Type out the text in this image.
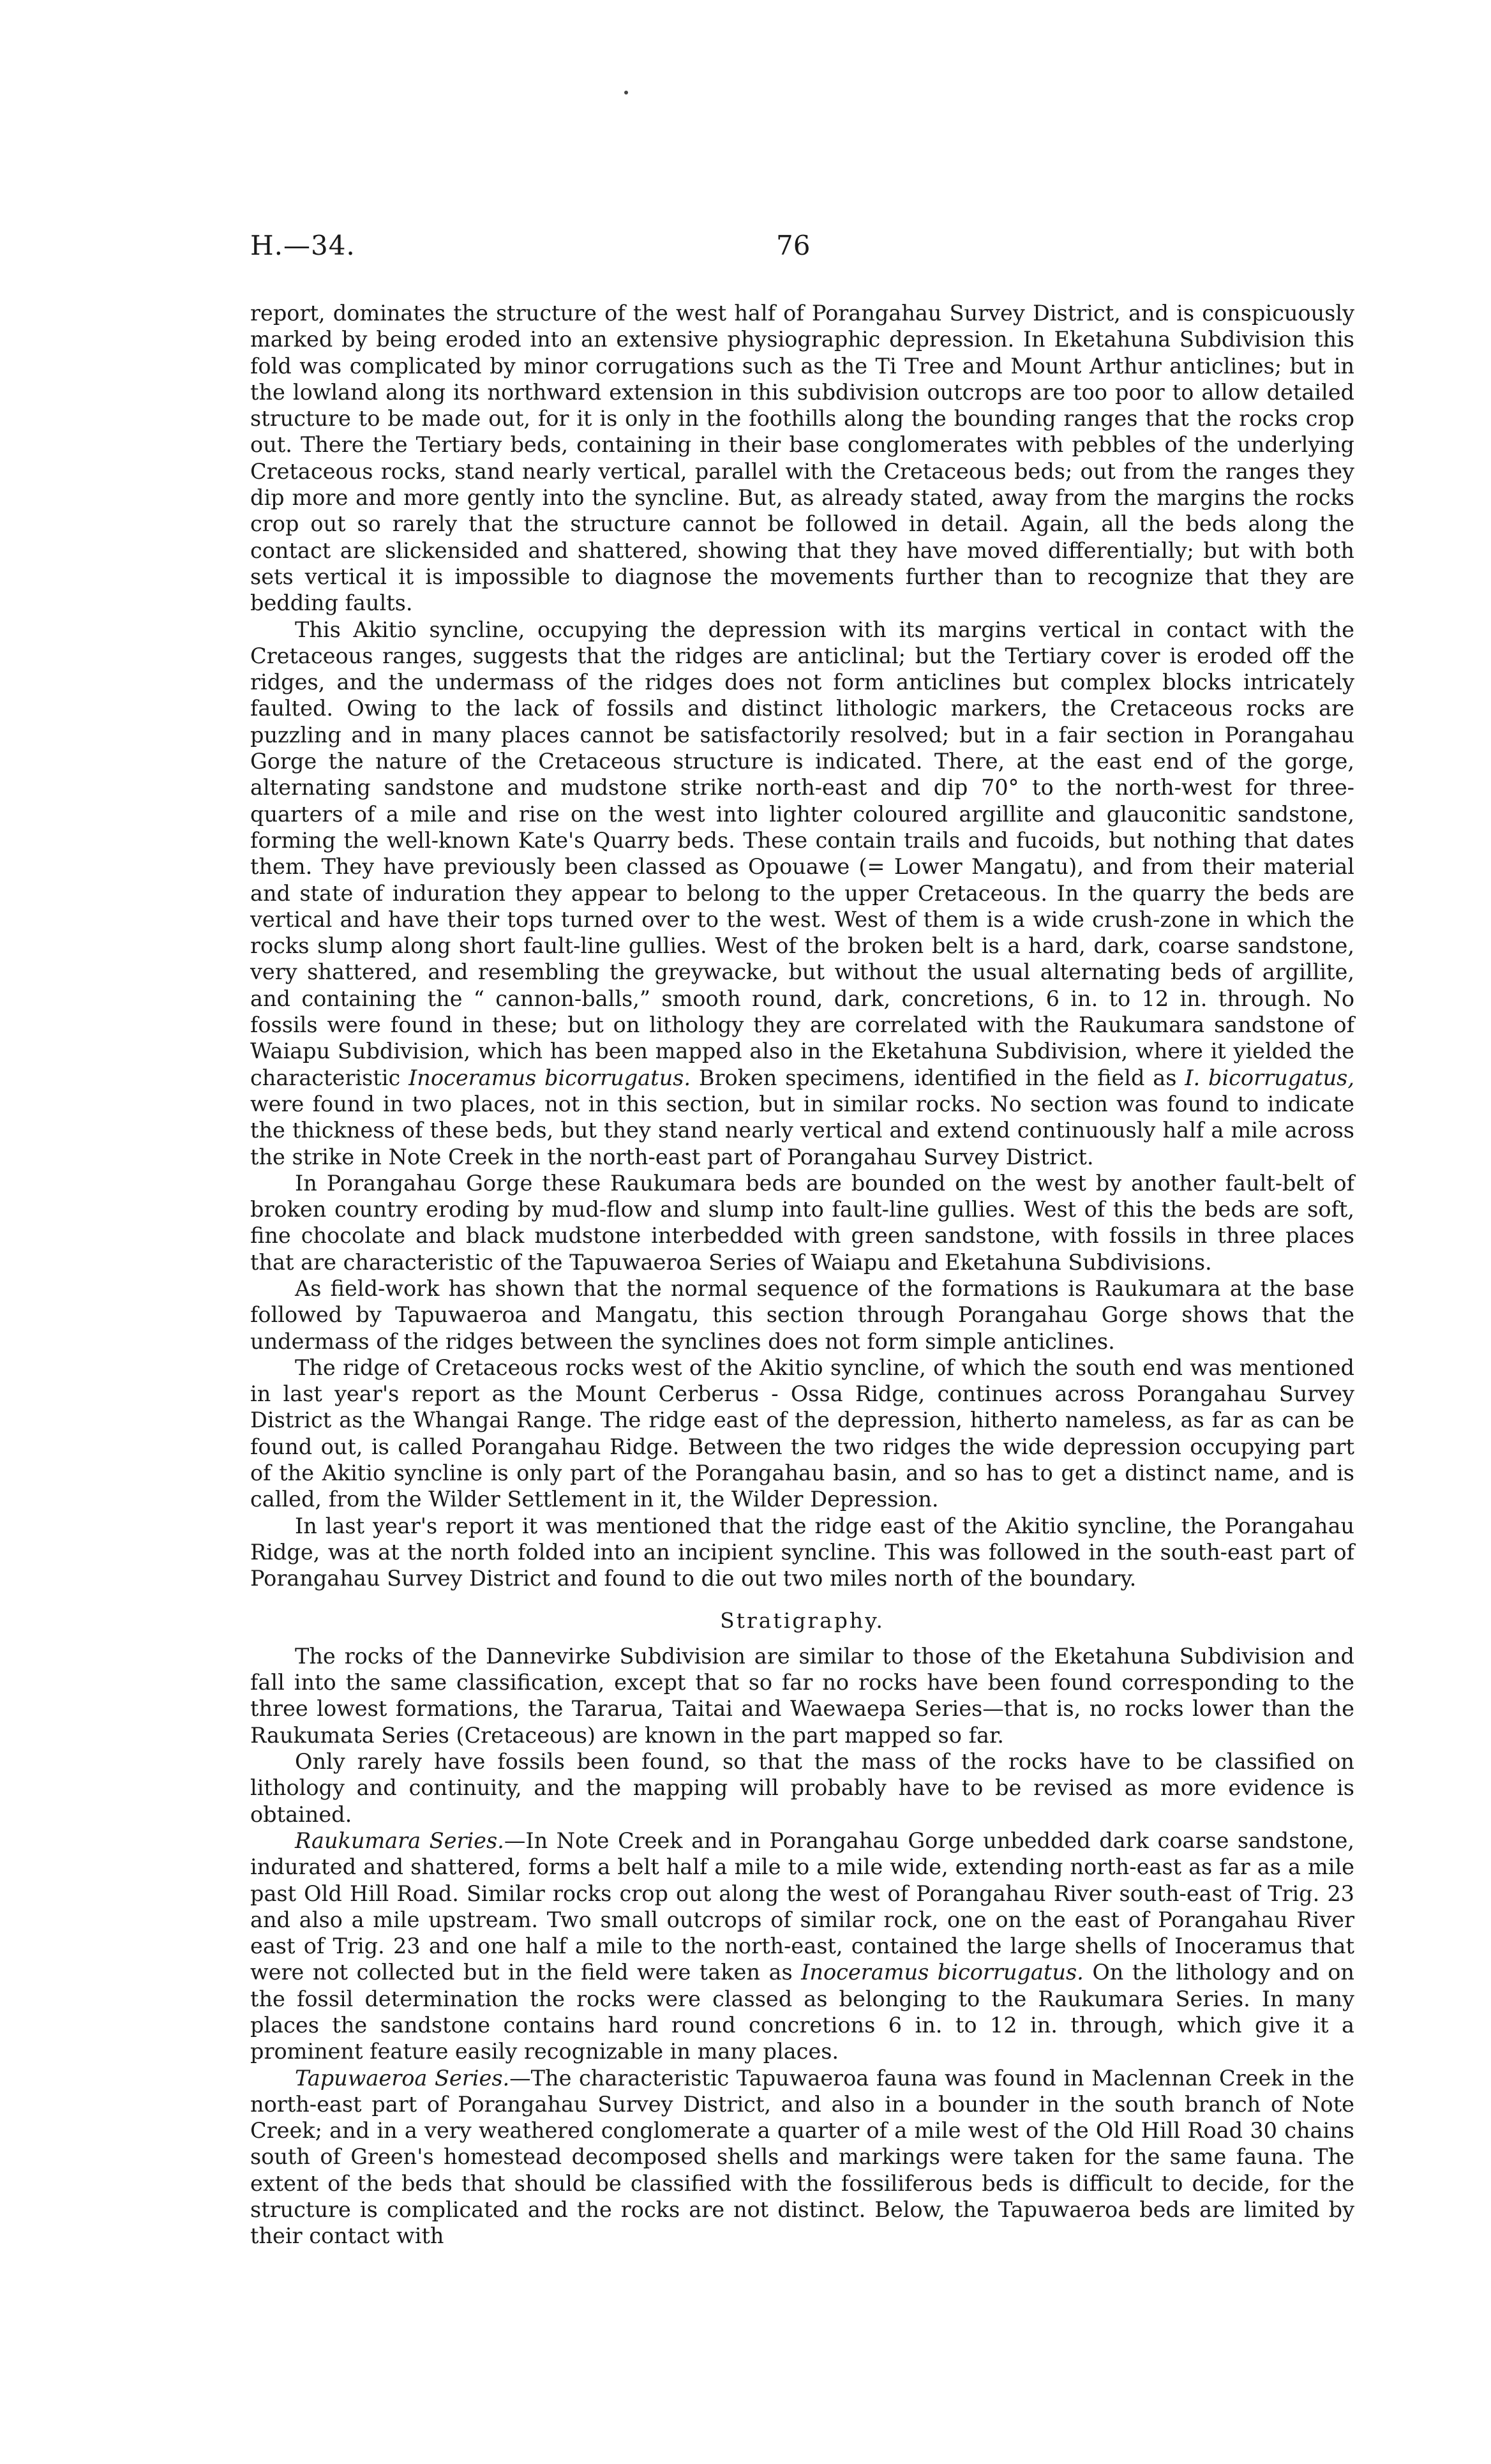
H.—34.	76

report, dominates the structure of the west half of Porangahau Survey District, and is conspicuously marked by being eroded into an extensive physiographic depression. In Eketahuna Subdivision this fold was complicated by minor corrugations such as the Ti Tree and Mount Arthur anticlines; but in the lowland along its northward extension in this subdivision outcrops are too poor to allow detailed structure to be made out, for it is only in the foothills along the bounding ranges that the rocks crop out. There the Tertiary beds, containing in their base conglomerates with pebbles of the underlying Cretaceous rocks, stand nearly vertical, parallel with the Cretaceous beds; out from the ranges they dip more and more gently into the syncline. But, as already stated, away from the margins the rocks crop out so rarely that the structure cannot be followed in detail. Again, all the beds along the contact are slickensided and shattered, showing that they have moved differentially; but with both sets vertical it is impossible to diagnose the movements further than to recognize that they are bedding faults.

This Akitio syncline, occupying the depression with its margins vertical in contact with the Cretaceous ranges, suggests that the ridges are anticlinal; but the Tertiary cover is eroded off the ridges, and the undermass of the ridges does not form anticlines but complex blocks intricately faulted. Owing to the lack of fossils and distinct lithologic markers, the Cretaceous rocks are puzzling and in many places cannot be satisfactorily resolved; but in a fair section in Porangahau Gorge the nature of the Cretaceous structure is indicated. There, at the east end of the gorge, alternating sandstone and mudstone strike north-east and dip 70° to the north-west for three-quarters of a mile and rise on the west into lighter coloured argillite and glauconitic sandstone, forming the well-known Kate's Quarry beds. These contain trails and fucoids, but nothing that dates them. They have previously been classed as Opouawe (= Lower Mangatu), and from their material and state of induration they appear to belong to the upper Cretaceous. In the quarry the beds are vertical and have their tops turned over to the west. West of them is a wide crush-zone in which the rocks slump along short fault-line gullies. West of the broken belt is a hard, dark, coarse sandstone, very shattered, and resembling the greywacke, but without the usual alternating beds of argillite, and containing the “ cannon-balls,” smooth round, dark, concretions, 6 in. to 12 in. through. No fossils were found in these; but on lithology they are correlated with the Raukumara sandstone of Waiapu Subdivision, which has been mapped also in the Eketahuna Subdivision, where it yielded the characteristic Inoceramus bicorrugatus. Broken specimens, identified in the field as I. bicorrugatus, were found in two places, not in this section, but in similar rocks. No section was found to indicate the thickness of these beds, but they stand nearly vertical and extend continuously half a mile across the strike in Note Creek in the north-east part of Porangahau Survey District.

In Porangahau Gorge these Raukumara beds are bounded on the west by another fault-belt of broken country eroding by mud-flow and slump into fault-line gullies. West of this the beds are soft, fine chocolate and black mudstone interbedded with green sandstone, with fossils in three places that are characteristic of the Tapuwaeroa Series of Waiapu and Eketahuna Subdivisions.

As field-work has shown that the normal sequence of the formations is Raukumara at the base followed by Tapuwaeroa and Mangatu, this section through Porangahau Gorge shows that the undermass of the ridges between the synclines does not form simple anticlines.

The ridge of Cretaceous rocks west of the Akitio syncline, of which the south end was mentioned in last year's report as the Mount Cerberus - Ossa Ridge, continues across Porangahau Survey District as the Whangai Range. The ridge east of the depression, hitherto nameless, as far as can be found out, is called Porangahau Ridge. Between the two ridges the wide depression occupying part of the Akitio syncline is only part of the Porangahau basin, and so has to get a distinct name, and is called, from the Wilder Settlement in it, the Wilder Depression.

In last year's report it was mentioned that the ridge east of the Akitio syncline, the Porangahau Ridge, was at the north folded into an incipient syncline. This was followed in the south-east part of Porangahau Survey District and found to die out two miles north of the boundary.

Stratigraphy.

The rocks of the Dannevirke Subdivision are similar to those of the Eketahuna Subdivision and fall into the same classification, except that so far no rocks have been found corresponding to the three lowest formations, the Tararua, Taitai and Waewaepa Series—that is, no rocks lower than the Raukumata Series (Cretaceous) are known in the part mapped so far.

Only rarely have fossils been found, so that the mass of the rocks have to be classified on lithology and continuity, and the mapping will probably have to be revised as more evidence is obtained.

Raukumara Series.—In Note Creek and in Porangahau Gorge unbedded dark coarse sandstone, indurated and shattered, forms a belt half a mile to a mile wide, extending north-east as far as a mile past Old Hill Road. Similar rocks crop out along the west of Porangahau River south-east of Trig. 23 and also a mile upstream. Two small outcrops of similar rock, one on the east of Porangahau River east of Trig. 23 and one half a mile to the north-east, contained the large shells of Inoceramus that were not collected but in the field were taken as Inoceramus bicorrugatus. On the lithology and on the fossil determination the rocks were classed as belonging to the Raukumara Series. In many places the sandstone contains hard round concretions 6 in. to 12 in. through, which give it a prominent feature easily recognizable in many places.

Tapuwaeroa Series.—The characteristic Tapuwaeroa fauna was found in Maclennan Creek in the north-east part of Porangahau Survey District, and also in a bounder in the south branch of Note Creek; and in a very weathered conglomerate a quarter of a mile west of the Old Hill Road 30 chains south of Green's homestead decomposed shells and markings were taken for the same fauna. The extent of the beds that should be classified with the fossiliferous beds is difficult to decide, for the structure is complicated and the rocks are not distinct. Below, the Tapuwaeroa beds are limited by their contact with
